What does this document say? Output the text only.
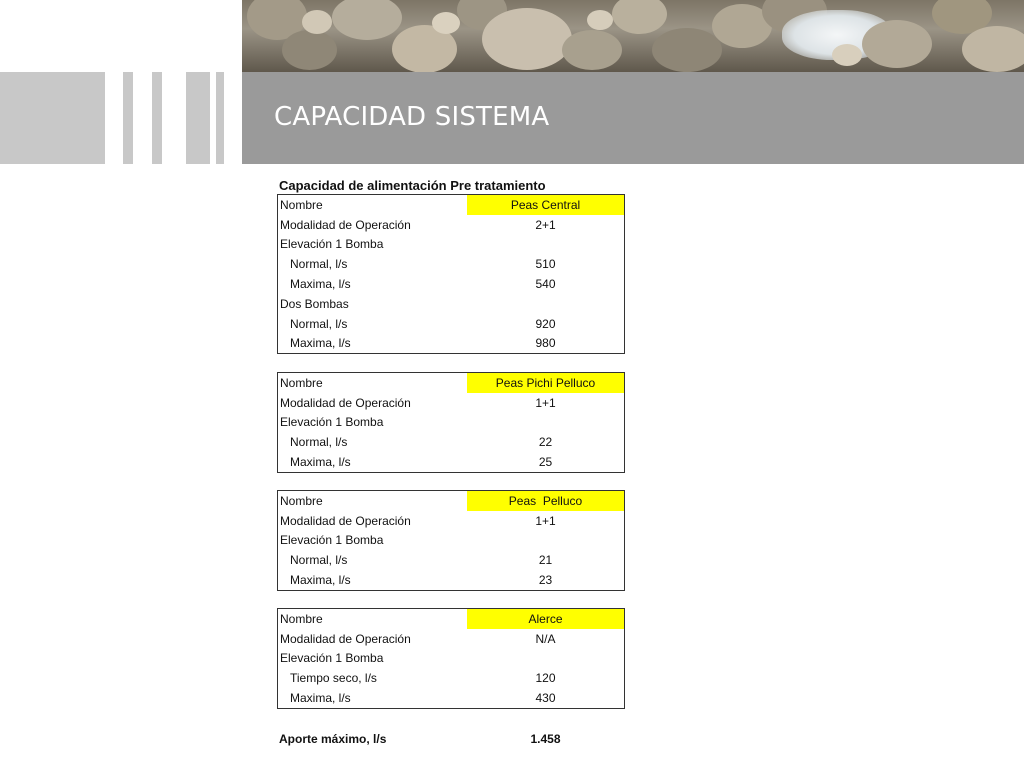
CAPACIDAD SISTEMA
Capacidad de alimentación Pre tratamiento
Nombre	Peas Central
Modalidad de Operación	2+1
Elevación 1 Bomba
Normal, l/s	510
Maxima, l/s	540
Dos Bombas
Normal, l/s	920
Maxima, l/s	980
Nombre	Peas Pichi Pelluco
Modalidad de Operación	1+1
Elevación 1 Bomba
Normal, l/s	22
Maxima, l/s	25
Nombre	Peas  Pelluco
Modalidad de Operación	1+1
Elevación 1 Bomba
Normal, l/s	21
Maxima, l/s	23
Nombre	Alerce
Modalidad de Operación	N/A
Elevación 1 Bomba
Tiempo seco, l/s	120
Maxima, l/s	430
Aporte máximo, l/s	1.458
